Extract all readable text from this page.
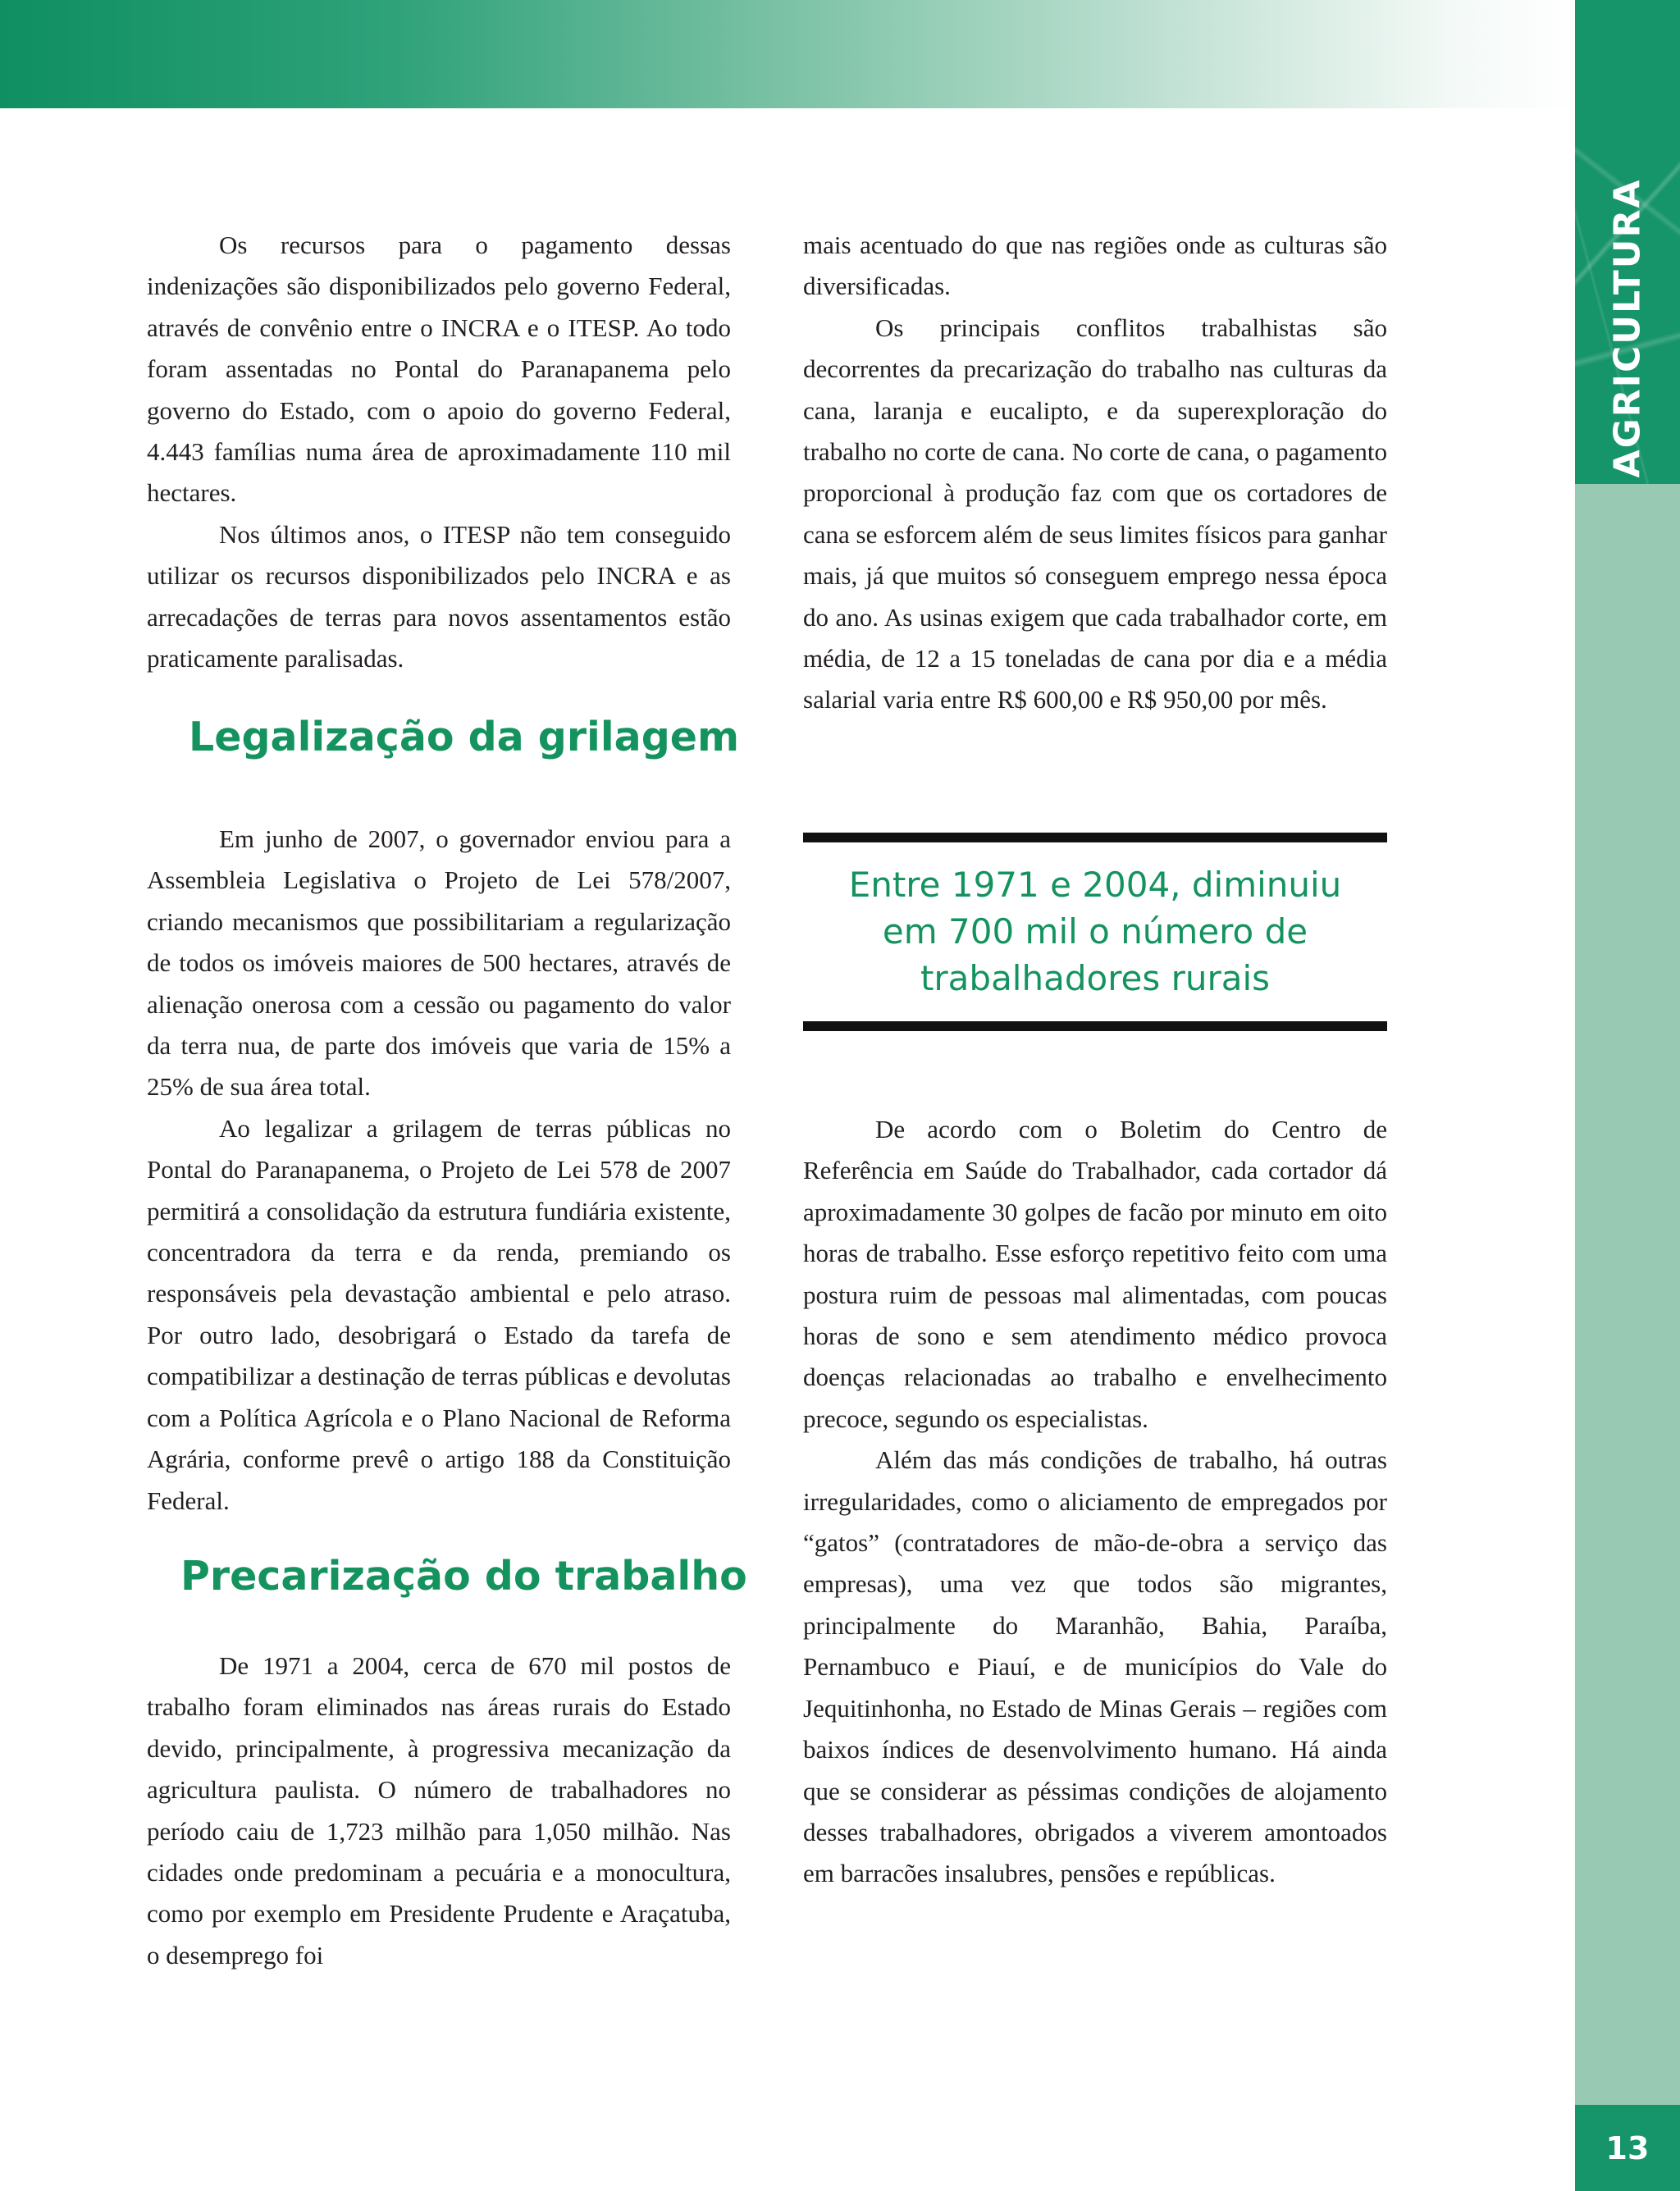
AGRICULTURA
13

Os recursos para o pagamento dessas indenizações são disponibilizados pelo governo Federal, através de convênio entre o INCRA e o ITESP. Ao todo foram assentadas no Pontal do Paranapanema pelo governo do Estado, com o apoio do governo Federal, 4.443 famílias numa área de aproximadamente 110 mil hectares.

Nos últimos anos, o ITESP não tem conseguido utilizar os recursos disponibilizados pelo INCRA e as arrecadações de terras para novos assentamentos estão praticamente paralisadas.

Legalização da grilagem

Em junho de 2007, o governador enviou para a Assembleia Legislativa o Projeto de Lei 578/2007, criando mecanismos que possibilitariam a regularização de todos os imóveis maiores de 500 hectares, através de alienação onerosa com a cessão ou pagamento do valor da terra nua, de parte dos imóveis que varia de 15% a 25% de sua área total.

Ao legalizar a grilagem de terras públicas no Pontal do Paranapanema, o Projeto de Lei 578 de 2007 permitirá a consolidação da estrutura fundiária existente, concentradora da terra e da renda, premiando os responsáveis pela devastação ambiental e pelo atraso. Por outro lado, desobrigará o Estado da tarefa de compatibilizar a destinação de terras públicas e devolutas com a Política Agrícola e o Plano Nacional de Reforma Agrária, conforme prevê o artigo 188 da Constituição Federal.

Precarização do trabalho

De 1971 a 2004, cerca de 670 mil postos de trabalho foram eliminados nas áreas rurais do Estado devido, principalmente, à progressiva mecanização da agricultura paulista. O número de trabalhadores no período caiu de 1,723 milhão para 1,050 milhão. Nas cidades onde predominam a pecuária e a monocultura, como por exemplo em Presidente Prudente e Araçatuba, o desemprego foi

mais acentuado do que nas regiões onde as culturas são diversificadas.

Os principais conflitos trabalhistas são decorrentes da precarização do trabalho nas culturas da cana, laranja e eucalipto, e da superexploração do trabalho no corte de cana. No corte de cana, o pagamento proporcional à produção faz com que os cortadores de cana se esforcem além de seus limites físicos para ganhar mais, já que muitos só conseguem emprego nessa época do ano. As usinas exigem que cada trabalhador corte, em média, de 12 a 15 toneladas de cana por dia e a média salarial varia entre R$ 600,00 e R$ 950,00 por mês.

Entre 1971 e 2004, diminuiu
em 700 mil o número de
trabalhadores rurais

De acordo com o Boletim do Centro de Referência em Saúde do Trabalhador, cada cortador dá aproximadamente 30 golpes de facão por minuto em oito horas de trabalho. Esse esforço repetitivo feito com uma postura ruim de pessoas mal alimentadas, com poucas horas de sono e sem atendimento médico provoca doenças relacionadas ao trabalho e envelhecimento precoce, segundo os especialistas.

Além das más condições de trabalho, há outras irregularidades, como o aliciamento de empregados por “gatos” (contratadores de mão-de-obra a serviço das empresas), uma vez que todos são migrantes, principalmente do Maranhão, Bahia, Paraíba, Pernambuco e Piauí, e de municípios do Vale do Jequitinhonha, no Estado de Minas Gerais – regiões com baixos índices de desenvolvimento humano. Há ainda que se considerar as péssimas condições de alojamento desses trabalhadores, obrigados a viverem amontoados em barracões insalubres, pensões e repúblicas.
